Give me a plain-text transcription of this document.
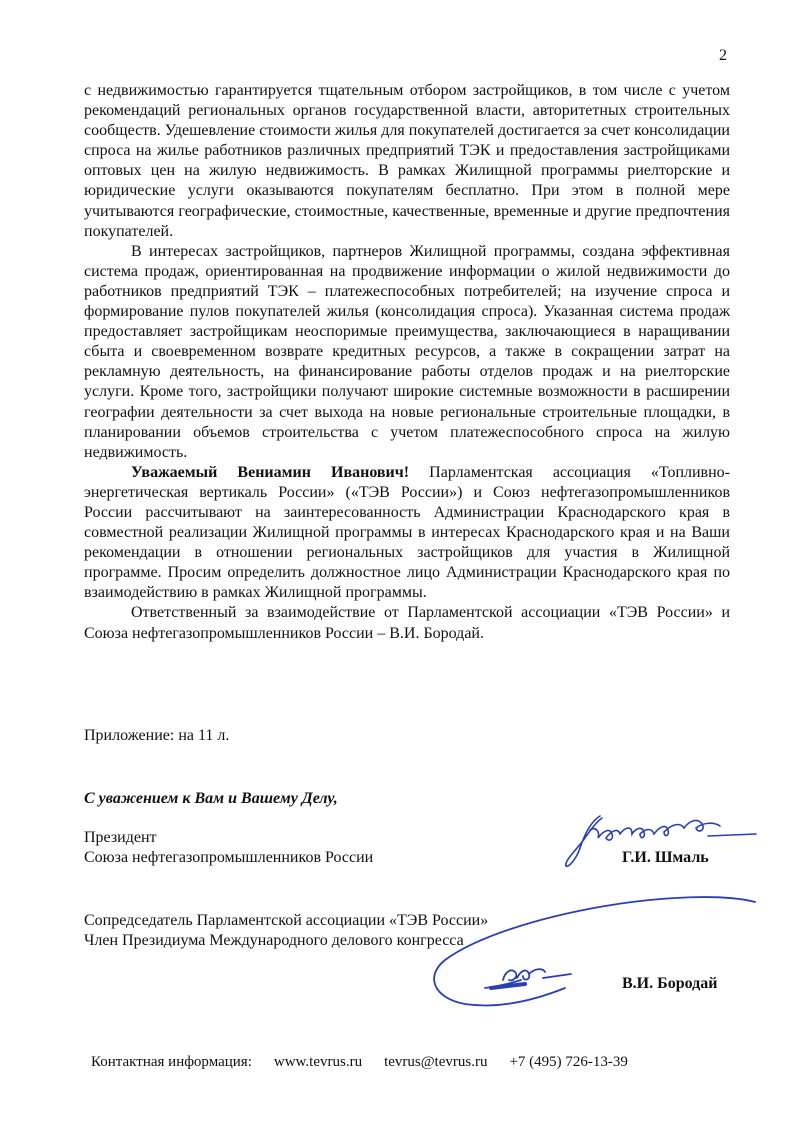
2

с недвижимостью гарантируется тщательным отбором застройщиков, в том числе с учетом рекомендаций региональных органов государственной власти, авторитетных строительных сообществ. Удешевление стоимости жилья для покупателей достигается за счет консолидации спроса на жилье работников различных предприятий ТЭК и предоставления застройщиками оптовых цен на жилую недвижимость. В рамках Жилищной программы риелторские и юридические услуги оказываются покупателям бесплатно. При этом в полной мере учитываются географические, стоимостные, качественные, временные и другие предпочтения покупателей.

В интересах застройщиков, партнеров Жилищной программы, создана эффективная система продаж, ориентированная на продвижение информации о жилой недвижимости до работников предприятий ТЭК – платежеспособных потребителей; на изучение спроса и формирование пулов покупателей жилья (консолидация спроса). Указанная система продаж предоставляет застройщикам неоспоримые преимущества, заключающиеся в наращивании сбыта и своевременном возврате кредитных ресурсов, а также в сокращении затрат на рекламную деятельность, на финансирование работы отделов продаж и на риелторские услуги. Кроме того, застройщики получают широкие системные возможности в расширении географии деятельности за счет выхода на новые региональные строительные площадки, в планировании объемов строительства с учетом платежеспособного спроса на жилую недвижимость.

Уважаемый Вениамин Иванович! Парламентская ассоциация «Топливно-энергетическая вертикаль России» («ТЭВ России») и Союз нефтегазопромышленников России рассчитывают на заинтересованность Администрации Краснодарского края в совместной реализации Жилищной программы в интересах Краснодарского края и на Ваши рекомендации в отношении региональных застройщиков для участия в Жилищной программе. Просим определить должностное лицо Администрации Краснодарского края по взаимодействию в рамках Жилищной программы.

Ответственный за взаимодействие от Парламентской ассоциации «ТЭВ России» и Союза нефтегазопромышленников России – В.И. Бородай.

Приложение: на 11 л.
С уважением к Вам и Вашему Делу,
Президент
Союза нефтегазопромышленников России	Г.И. Шмаль
Сопредседатель Парламентской ассоциации «ТЭВ России»
Член Президиума Международного делового конгресса
В.И. Бородай
Контактная информация: www.tevrus.ru tevrus@tevrus.ru +7 (495) 726-13-39
